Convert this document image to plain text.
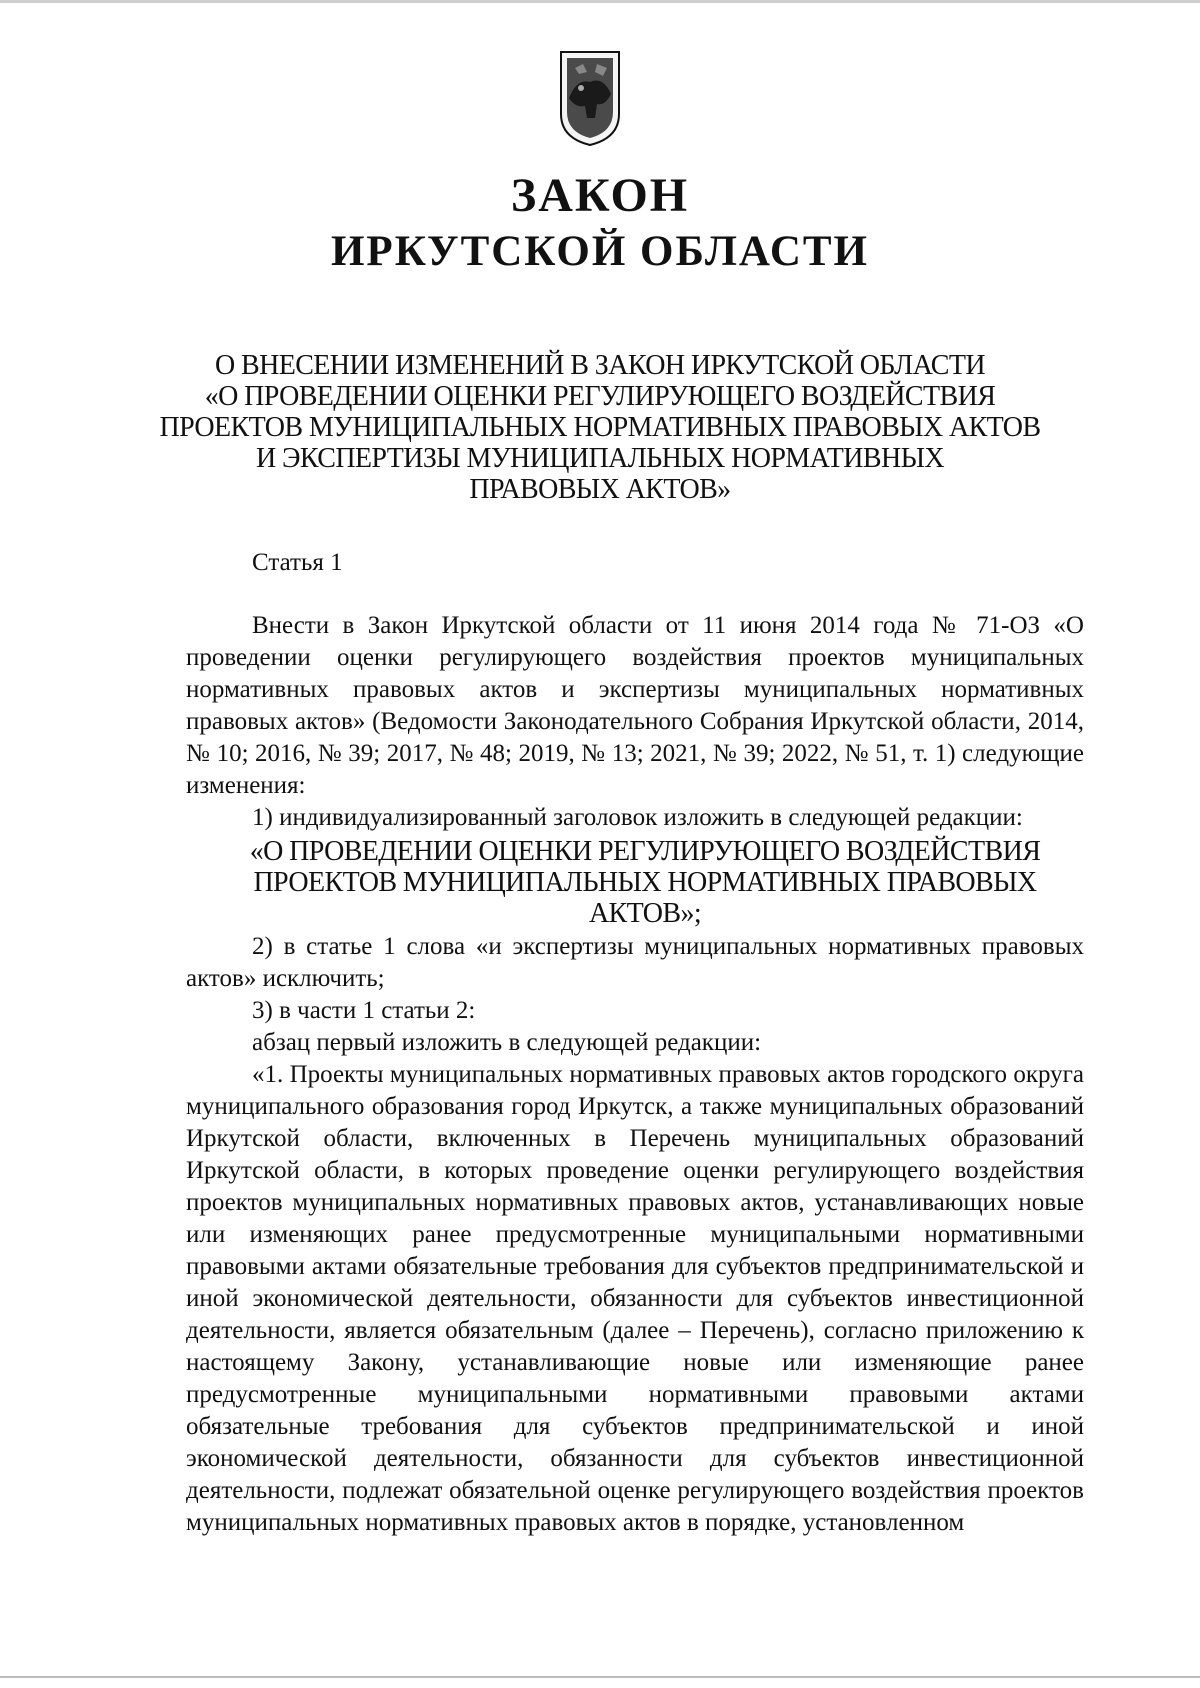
ЗАКОН
ИРКУТСКОЙ ОБЛАСТИ
О ВНЕСЕНИИ ИЗМЕНЕНИЙ В ЗАКОН ИРКУТСКОЙ ОБЛАСТИ
«О ПРОВЕДЕНИИ ОЦЕНКИ РЕГУЛИРУЮЩЕГО ВОЗДЕЙСТВИЯ
ПРОЕКТОВ МУНИЦИПАЛЬНЫХ НОРМАТИВНЫХ ПРАВОВЫХ АКТОВ
И ЭКСПЕРТИЗЫ МУНИЦИПАЛЬНЫХ НОРМАТИВНЫХ
ПРАВОВЫХ АКТОВ»
Статья 1

Внести в Закон Иркутской области от 11 июня 2014 года № 71-ОЗ «О проведении оценки регулирующего воздействия проектов муниципальных нормативных правовых актов и экспертизы муниципальных нормативных правовых актов» (Ведомости Законодательного Собрания Иркутской области, 2014, № 10; 2016, № 39; 2017, № 48; 2019, № 13; 2021, № 39; 2022, № 51, т. 1) следующие изменения:

1) индивидуализированный заголовок изложить в следующей редакции:

«О ПРОВЕДЕНИИ ОЦЕНКИ РЕГУЛИРУЮЩЕГО ВОЗДЕЙСТВИЯ
ПРОЕКТОВ МУНИЦИПАЛЬНЫХ НОРМАТИВНЫХ ПРАВОВЫХ
АКТОВ»;

2) в статье 1 слова «и экспертизы муниципальных нормативных правовых актов» исключить;

3) в части 1 статьи 2:

абзац первый изложить в следующей редакции:

«1. Проекты муниципальных нормативных правовых актов городского округа муниципального образования город Иркутск, а также муниципальных образований Иркутской области, включенных в Перечень муниципальных образований Иркутской области, в которых проведение оценки регулирующего воздействия проектов муниципальных нормативных правовых актов, устанавливающих новые или изменяющих ранее предусмотренные муниципальными нормативными правовыми актами обязательные требования для субъектов предпринимательской и иной экономической деятельности, обязанности для субъектов инвестиционной деятельности, является обязательным (далее – Перечень), согласно приложению к настоящему Закону, устанавливающие новые или изменяющие ранее предусмотренные муниципальными нормативными правовыми актами обязательные требования для субъектов предпринимательской и иной экономической деятельности, обязанности для субъектов инвестиционной деятельности, подлежат обязательной оценке регулирующего воздействия проектов муниципальных нормативных правовых актов в порядке, установленном
